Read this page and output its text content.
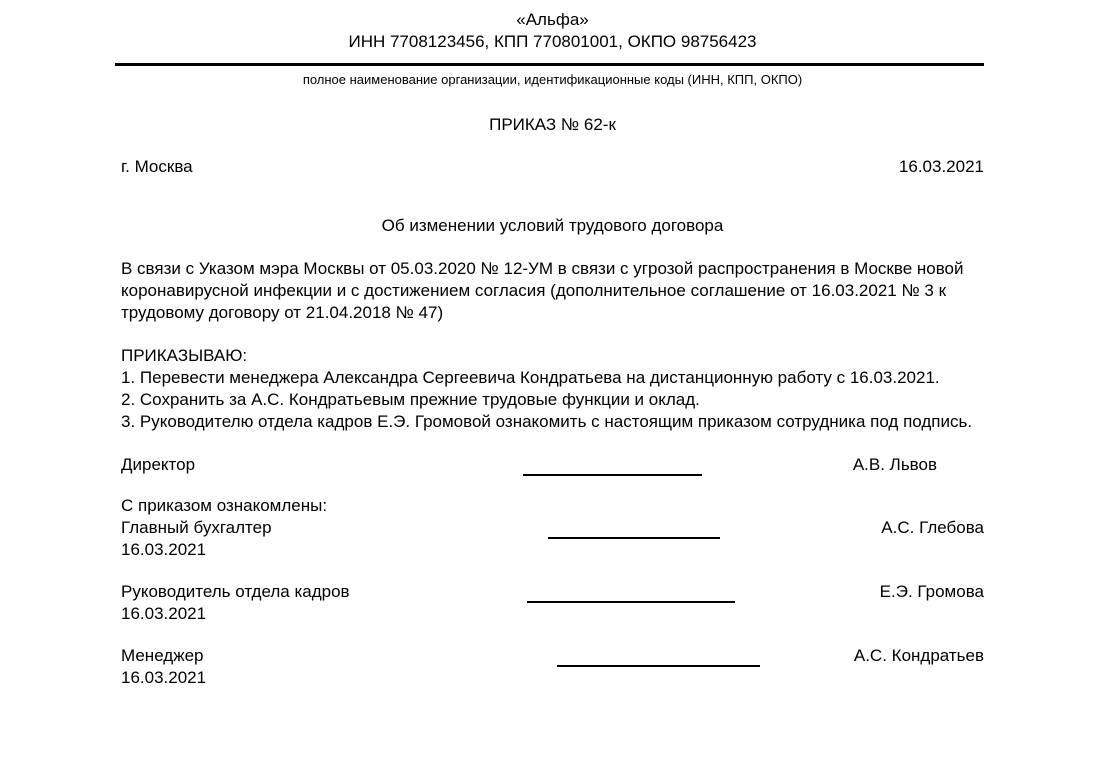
«Альфа»
ИНН 7708123456, КПП 770801001, ОКПО 98756423
полное наименование организации, идентификационные коды (ИНН, КПП, ОКПО)
ПРИКАЗ № 62-к
г. Москва	16.03.2021
Об изменении условий трудового договора

В связи с Указом мэра Москвы от 05.03.2020 № 12-УМ в связи с угрозой распространения в Москве новой коронавирусной инфекции и с достижением согласия (дополнительное соглашение от 16.03.2021 № 3 к трудовому договору от 21.04.2018 № 47)

ПРИКАЗЫВАЮ:
1. Перевести менеджера Александра Сергеевича Кондратьева на дистанционную работу с 16.03.2021.
2. Сохранить за А.С. Кондратьевым прежние трудовые функции и оклад.
3. Руководителю отдела кадров Е.Э. Громовой ознакомить с настоящим приказом сотрудника под подпись.
Директор	А.В. Львов
С приказом ознакомлены:
Главный бухгалтер	А.С. Глебова
16.03.2021
Руководитель отдела кадров	Е.Э. Громова
16.03.2021
Менеджер	А.С. Кондратьев
16.03.2021
